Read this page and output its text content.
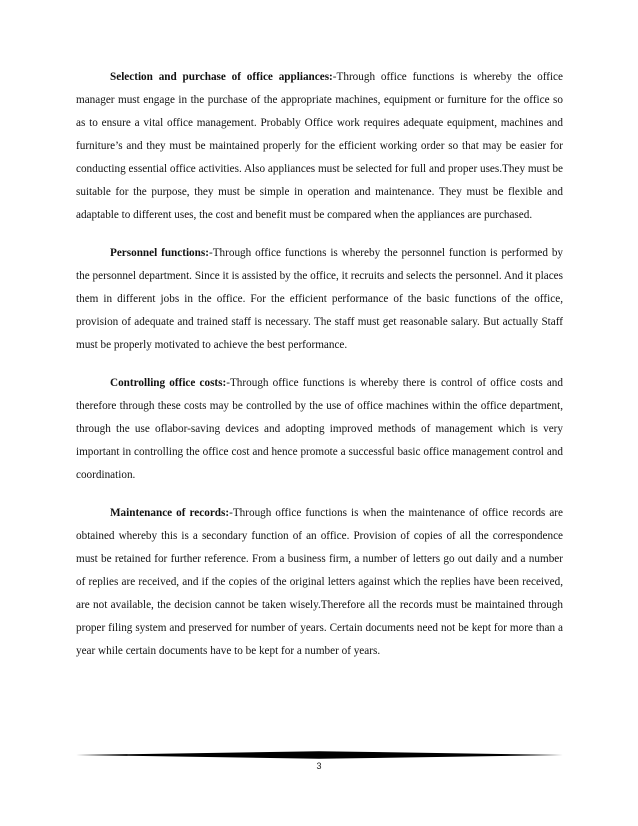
Selection and purchase of office appliances:-Through office functions is whereby the office manager must engage in the purchase of the appropriate machines, equipment or furniture for the office so as to ensure a vital office management. Probably Office work requires adequate equipment, machines and furniture’s and they must be maintained properly for the efficient working order so that may be easier for conducting essential office activities. Also appliances must be selected for full and proper uses.They must be suitable for the purpose, they must be simple in operation and maintenance. They must be flexible and adaptable to different uses, the cost and benefit must be compared when the appliances are purchased.

Personnel functions:-Through office functions is whereby the personnel function is performed by the personnel department. Since it is assisted by the office, it recruits and selects the personnel. And it places them in different jobs in the office. For the efficient performance of the basic functions of the office, provision of adequate and trained staff is necessary. The staff must get reasonable salary. But actually Staff must be properly motivated to achieve the best performance.

Controlling office costs:-Through office functions is whereby there is control of office costs and therefore through these costs may be controlled by the use of office machines within the office department, through the use oflabor-saving devices and adopting improved methods of management which is very important in controlling the office cost and hence promote a successful basic office management control and coordination.

Maintenance of records:-Through office functions is when the maintenance of office records are obtained whereby this is a secondary function of an office. Provision of copies of all the correspondence must be retained for further reference. From a business firm, a number of letters go out daily and a number of replies are received, and if the copies of the original letters against which the replies have been received, are not available, the decision cannot be taken wisely.Therefore all the records must be maintained through proper filing system and preserved for number of years. Certain documents need not be kept for more than a year while certain documents have to be kept for a number of years.

3
